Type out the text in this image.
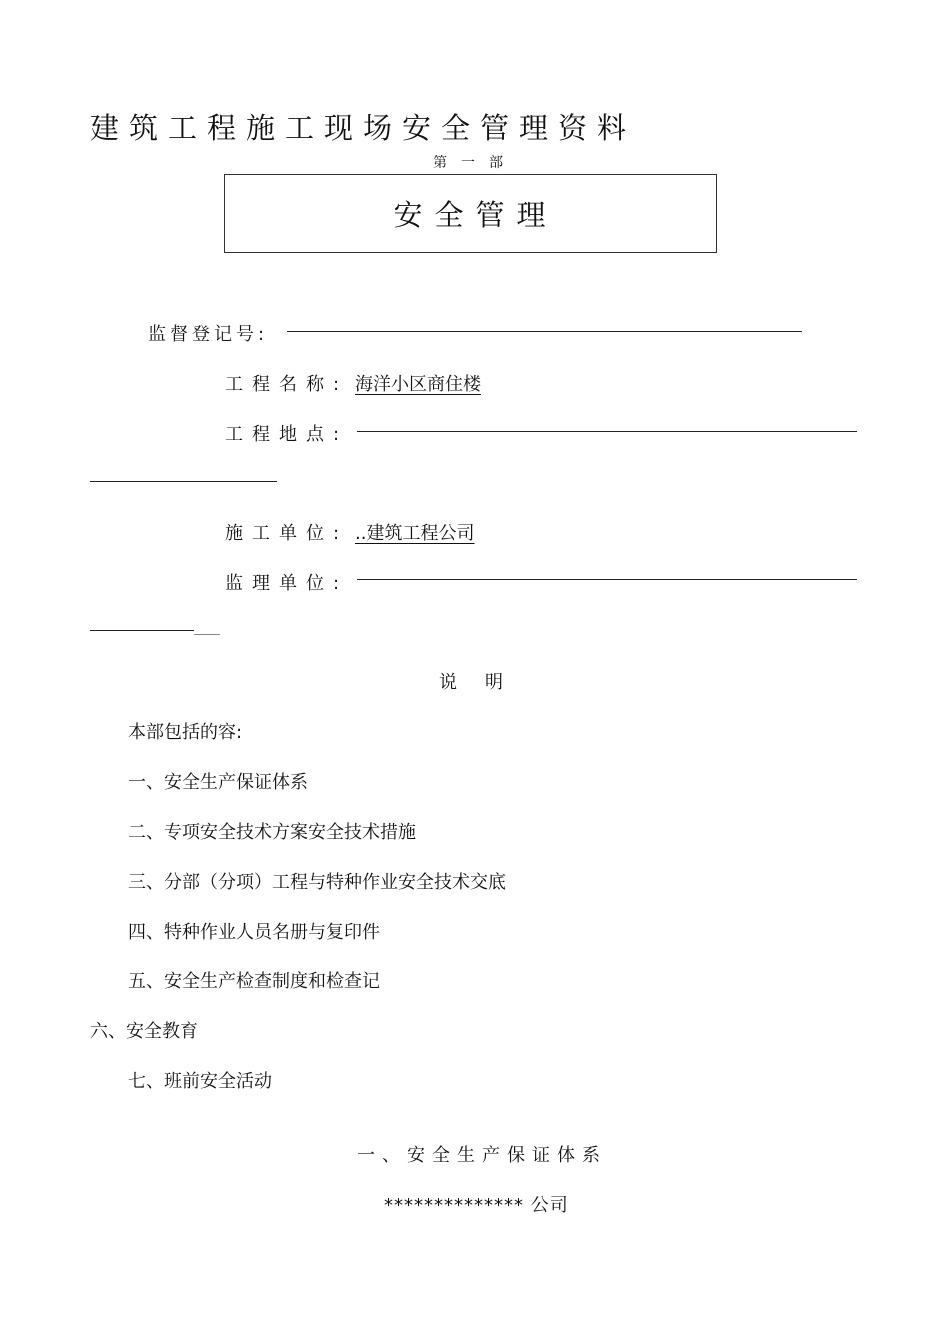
建筑工程施工现场安全管理资料
第一部
安全管理
监督登记号:
工程名称: 海洋小区商住楼
工程地点:
施工单位: ..建筑工程公司
监理单位:
说明
本部包括的容:
一、安全生产保证体系
二、专项安全技术方案安全技术措施
三、分部（分项）工程与特种作业安全技术交底
四、特种作业人员名册与复印件
五、安全生产检查制度和检查记
六、安全教育
七、班前安全活动
一、安全生产保证体系
************** 公司
